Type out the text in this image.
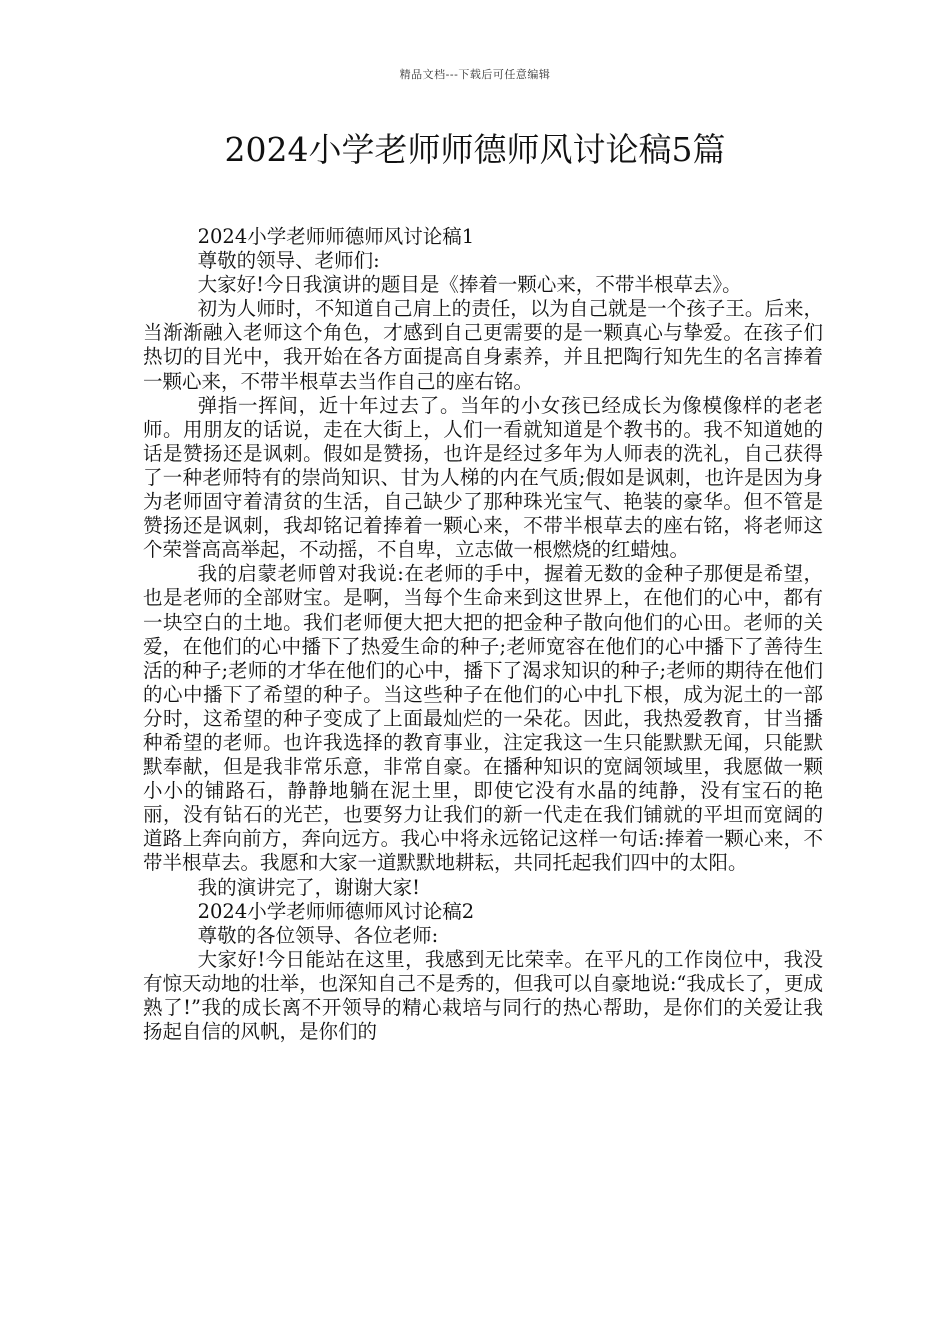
精品文档---下载后可任意编辑
2024小学老师师德师风讨论稿5篇

2024小学老师师德师风讨论稿1

尊敬的领导、老师们:

大家好!今日我演讲的题目是《捧着一颗心来，不带半根草去》。

初为人师时，不知道自己肩上的责任，以为自己就是一个孩子王。后来，当渐渐融入老师这个角色，才感到自己更需要的是一颗真心与挚爱。在孩子们热切的目光中，我开始在各方面提高自身素养，并且把陶行知先生的名言捧着一颗心来，不带半根草去当作自己的座右铭。

弹指一挥间，近十年过去了。当年的小女孩已经成长为像模像样的老老师。用朋友的话说，走在大街上，人们一看就知道是个教书的。我不知道她的话是赞扬还是讽刺。假如是赞扬，也许是经过多年为人师表的洗礼，自己获得了一种老师特有的崇尚知识、甘为人梯的内在气质;假如是讽刺，也许是因为身为老师固守着清贫的生活，自己缺少了那种珠光宝气、艳装的豪华。但不管是赞扬还是讽刺，我却铭记着捧着一颗心来，不带半根草去的座右铭，将老师这个荣誉高高举起，不动摇，不自卑，立志做一根燃烧的红蜡烛。

我的启蒙老师曾对我说:在老师的手中，握着无数的金种子那便是希望，也是老师的全部财宝。是啊，当每个生命来到这世界上，在他们的心中，都有一块空白的土地。我们老师便大把大把的把金种子散向他们的心田。老师的关爱，在他们的心中播下了热爱生命的种子;老师宽容在他们的心中播下了善待生活的种子;老师的才华在他们的心中，播下了渴求知识的种子;老师的期待在他们的心中播下了希望的种子。当这些种子在他们的心中扎下根，成为泥土的一部分时，这希望的种子变成了上面最灿烂的一朵花。因此，我热爱教育，甘当播种希望的老师。也许我选择的教育事业，注定我这一生只能默默无闻，只能默默奉献，但是我非常乐意，非常自豪。在播种知识的宽阔领域里，我愿做一颗小小的铺路石，静静地躺在泥土里，即使它没有水晶的纯静，没有宝石的艳丽，没有钻石的光芒，也要努力让我们的新一代走在我们铺就的平坦而宽阔的道路上奔向前方，奔向远方。我心中将永远铭记这样一句话:捧着一颗心来，不带半根草去。我愿和大家一道默默地耕耘，共同托起我们四中的太阳。

我的演讲完了，谢谢大家!

2024小学老师师德师风讨论稿2

尊敬的各位领导、各位老师:

大家好!今日能站在这里，我感到无比荣幸。在平凡的工作岗位中，我没有惊天动地的壮举，也深知自己不是秀的，但我可以自豪地说:“我成长了，更成熟了!”我的成长离不开领导的精心栽培与同行的热心帮助，是你们的关爱让我扬起自信的风帆，是你们的
